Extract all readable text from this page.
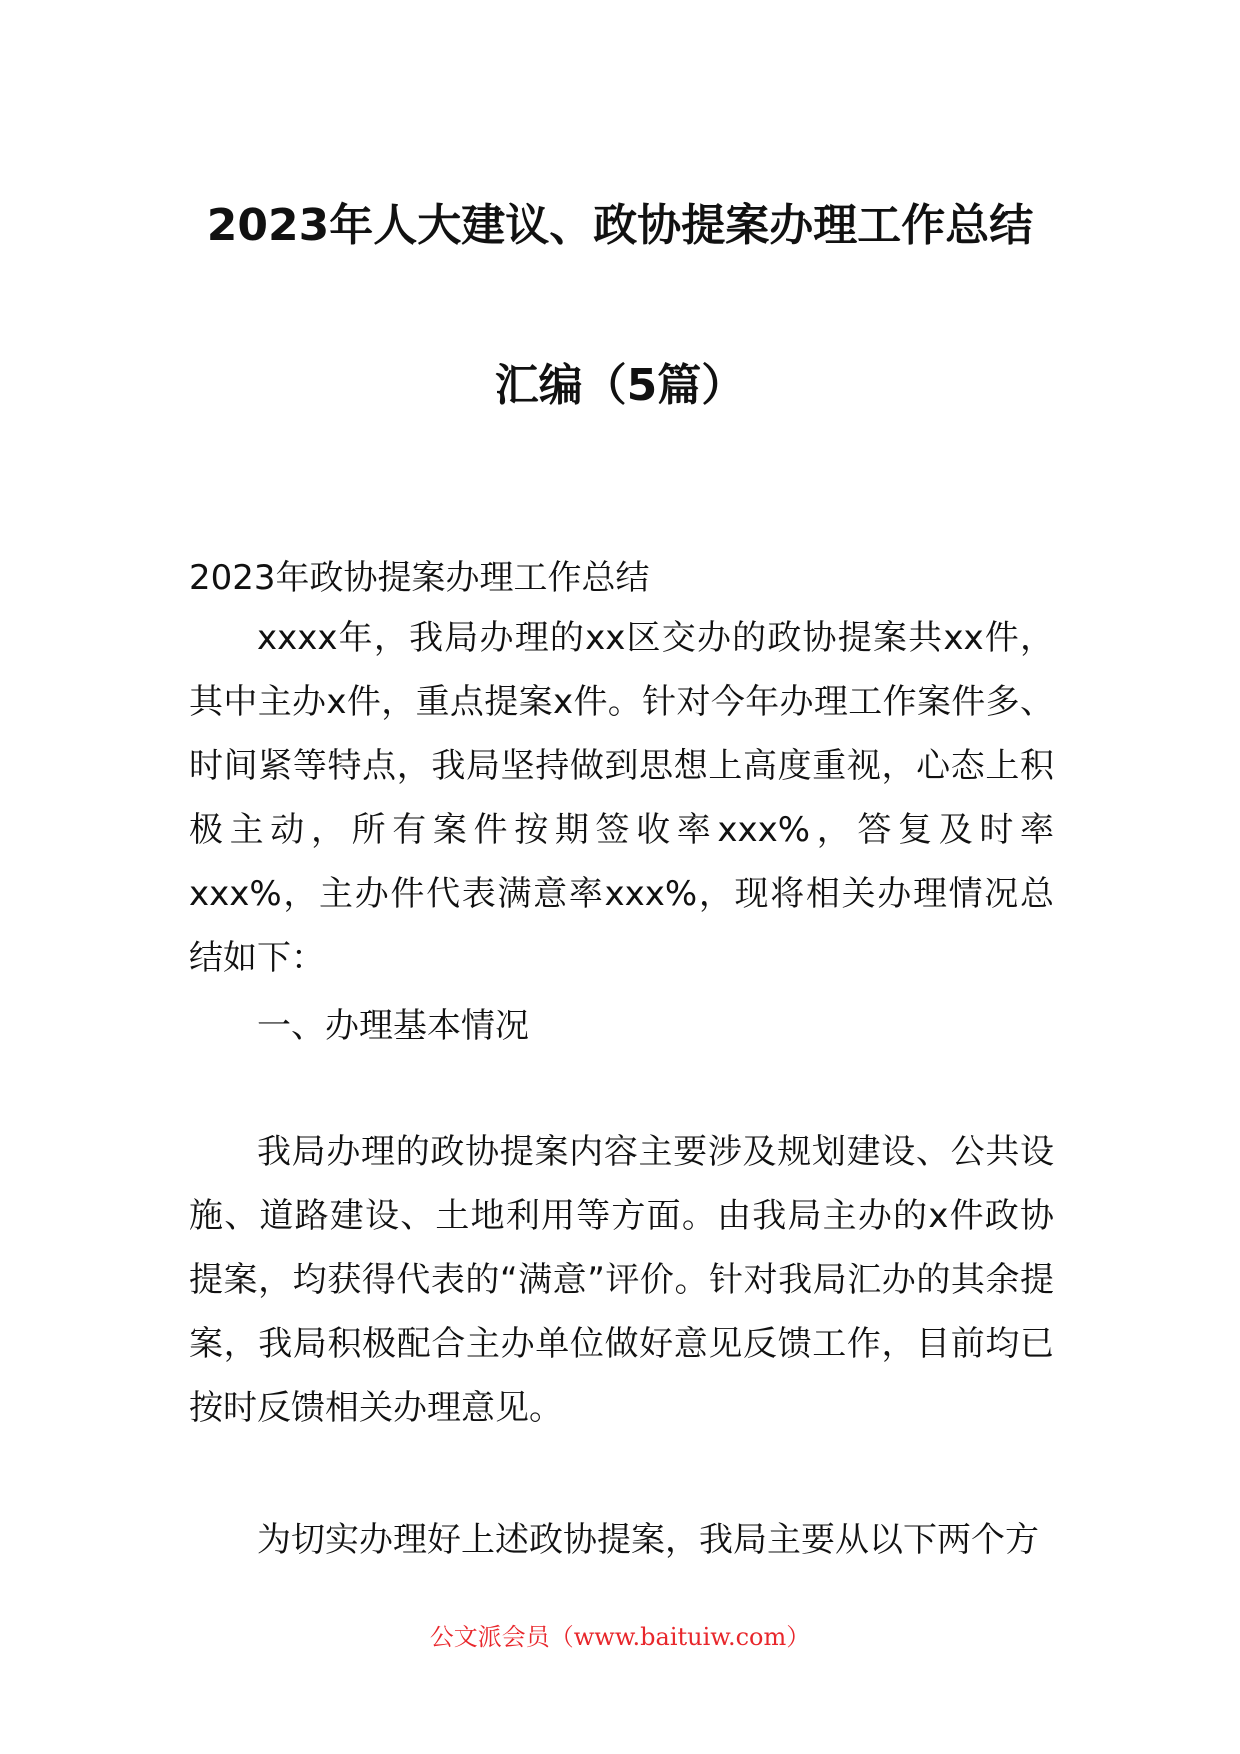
2023年人大建议、政协提案办理工作总结
汇编（5篇）

2023年政协提案办理工作总结

xxxx年，我局办理的xx区交办的政协提案共xx件，其中主办x件，重点提案x件。针对今年办理工作案件多、时间紧等特点，我局坚持做到思想上高度重视，心态上积极主动，所有案件按期签收率xxx%，答复及时率xxx%，主办件代表满意率xxx%，现将相关办理情况总结如下：

一、办理基本情况

我局办理的政协提案内容主要涉及规划建设、公共设施、道路建设、土地利用等方面。由我局主办的x件政协提案，均获得代表的“满意”评价。针对我局汇办的其余提案，我局积极配合主办单位做好意见反馈工作，目前均已按时反馈相关办理意见。

为切实办理好上述政协提案，我局主要从以下两个方

公文派会员（www.baituiw.com）
